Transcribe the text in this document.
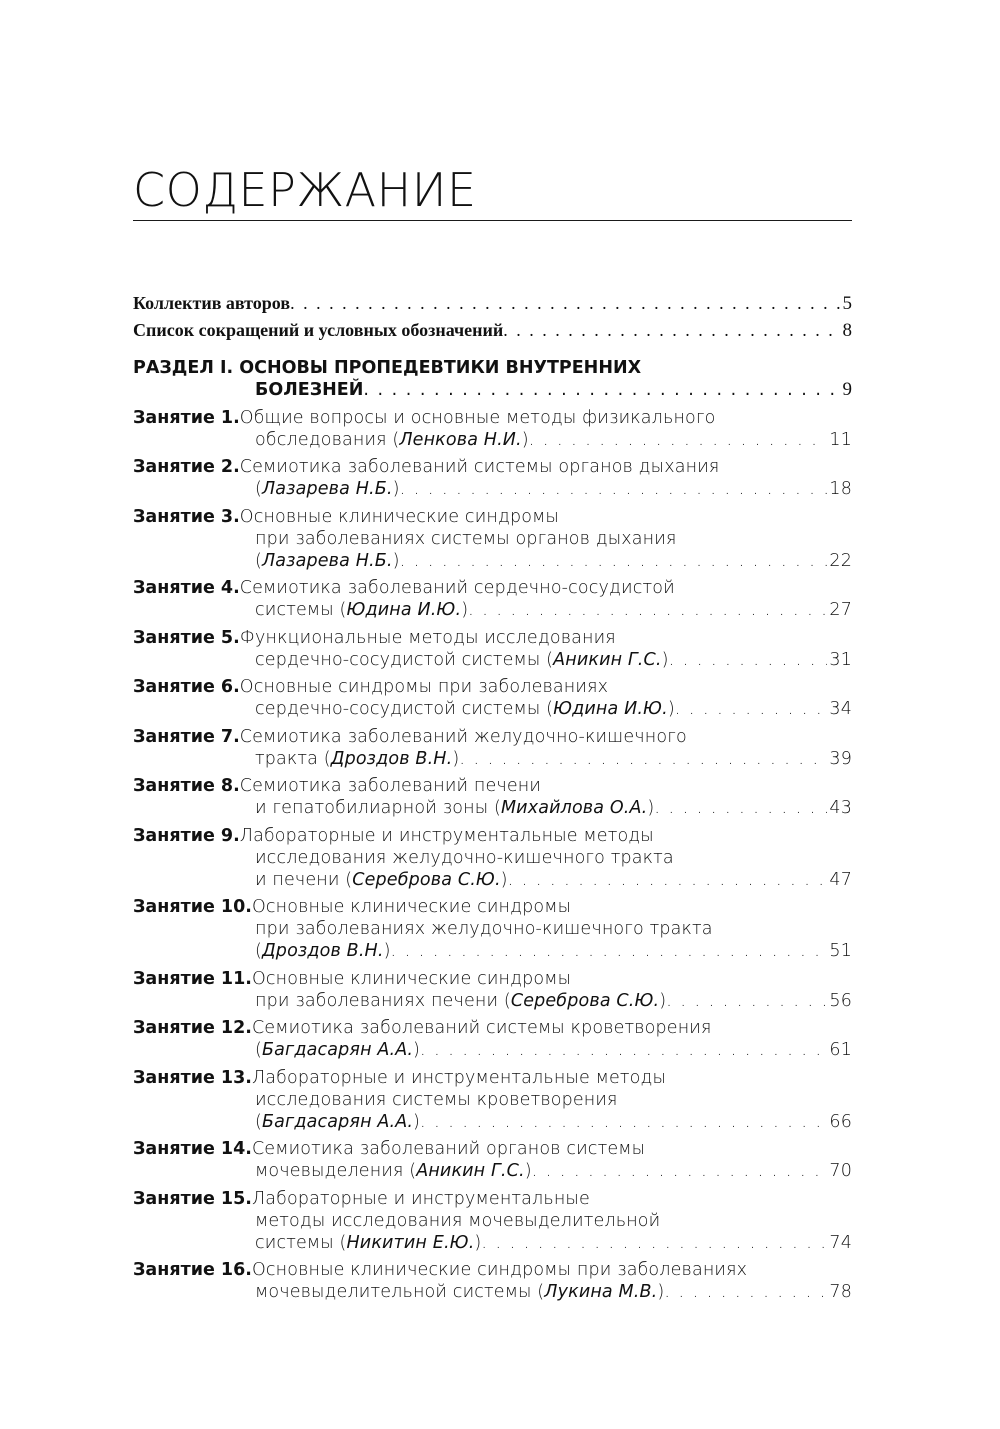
СОДЕРЖАНИЕ
Коллектив авторов . . .	5
Список сокращений и условных обозначений . . .	8
РАЗДЕЛ I. ОСНОВЫ ПРОПЕДЕВТИКИ ВНУТРЕННИХ
БОЛЕЗНЕЙ . . .	9
Занятие 1. Общие вопросы и основные методы физикального
обследования (Ленкова Н.И.) . . .	11
Занятие 2. Семиотика заболеваний системы органов дыхания
(Лазарева Н.Б.) . . .	18
Занятие 3. Основные клинические синдромы
при заболеваниях системы органов дыхания
(Лазарева Н.Б.) . . .	22
Занятие 4. Семиотика заболеваний сердечно-сосудистой
системы (Юдина И.Ю.) . . .	27
Занятие 5. Функциональные методы исследования
сердечно-сосудистой системы (Аникин Г.С.) . . .	31
Занятие 6. Основные синдромы при заболеваниях
сердечно-сосудистой системы (Юдина И.Ю.) . . .	34
Занятие 7. Семиотика заболеваний желудочно-кишечного
тракта (Дроздов В.Н.) . . .	39
Занятие 8. Семиотика заболеваний печени
и гепатобилиарной зоны (Михайлова О.А.) . . .	43
Занятие 9. Лабораторные и инструментальные методы
исследования желудочно-кишечного тракта
и печени (Сереброва С.Ю.) . . .	47
Занятие 10. Основные клинические синдромы
при заболеваниях желудочно-кишечного тракта
(Дроздов В.Н.) . . .	51
Занятие 11. Основные клинические синдромы
при заболеваниях печени (Сереброва С.Ю.) . . .	56
Занятие 12. Семиотика заболеваний системы кроветворения
(Багдасарян А.А.) . . .	61
Занятие 13. Лабораторные и инструментальные методы
исследования системы кроветворения
(Багдасарян А.А.) . . .	66
Занятие 14. Семиотика заболеваний органов системы
мочевыделения (Аникин Г.С.) . . .	70
Занятие 15. Лабораторные и инструментальные
методы исследования мочевыделительной
системы (Никитин Е.Ю.) . . .	74
Занятие 16. Основные клинические синдромы при заболеваниях
мочевыделительной системы (Лукина М.В.) . . .	78
